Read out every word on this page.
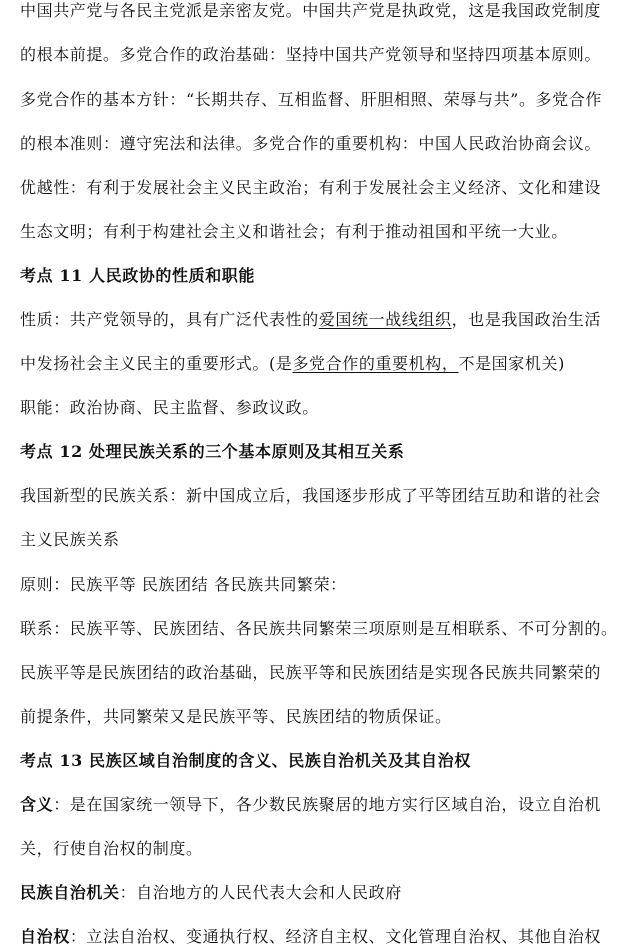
中国共产党与各民主党派是亲密友党。中国共产党是执政党，这是我国政党制度
的根本前提。多党合作的政治基础：坚持中国共产党领导和坚持四项基本原则。
多党合作的基本方针：“长期共存、互相监督、肝胆相照、荣辱与共”。多党合作
的根本准则：遵守宪法和法律。多党合作的重要机构：中国人民政治协商会议。
优越性：有利于发展社会主义民主政治；有利于发展社会主义经济、文化和建设
生态文明；有利于构建社会主义和谐社会；有利于推动祖国和平统一大业。
考点 11 人民政协的性质和职能
性质：共产党领导的，具有广泛代表性的爱国统一战线组织，也是我国政治生活
中发扬社会主义民主的重要形式。(是多党合作的重要机构，不是国家机关)
职能：政治协商、民主监督、参政议政。
考点 12 处理民族关系的三个基本原则及其相互关系
我国新型的民族关系：新中国成立后，我国逐步形成了平等团结互助和谐的社会
主义民族关系
原则：民族平等 民族团结 各民族共同繁荣：
联系：民族平等、民族团结、各民族共同繁荣三项原则是互相联系、不可分割的。
民族平等是民族团结的政治基础，民族平等和民族团结是实现各民族共同繁荣的
前提条件，共同繁荣又是民族平等、民族团结的物质保证。
考点 13 民族区域自治制度的含义、民族自治机关及其自治权
含义：是在国家统一领导下，各少数民族聚居的地方实行区域自治，设立自治机
关，行使自治权的制度。
民族自治机关：自治地方的人民代表大会和人民政府
自治权：立法自治权、变通执行权、经济自主权、文化管理自治权、其他自治权
